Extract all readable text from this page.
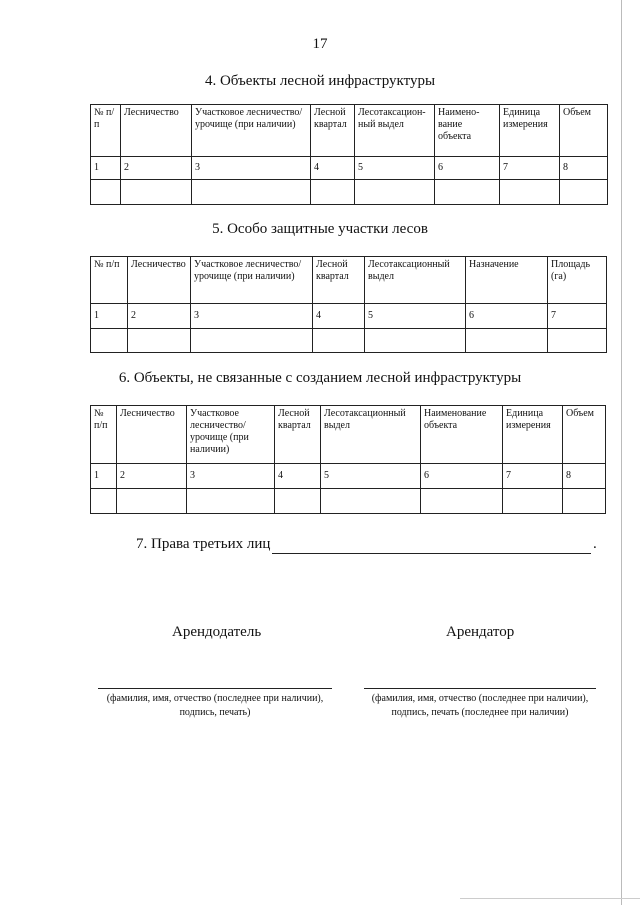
17
4. Объекты лесной инфраструктуры
№ п/п	Лесничество	Участковое лесничество/урочище (при наличии)	Лесной квартал	Лесотаксацион-ный выдел	Наимено-вание объекта	Единица измерения	Объем
1	2	3	4	5	6	7	8

5. Особо защитные участки лесов
№ п/п	Лесничество	Участковое лесничество/урочище (при наличии)	Лесной квартал	Лесотаксационный выдел	Назначение	Площадь (га)
1	2	3	4	5	6	7

6. Объекты, не связанные с созданием лесной инфраструктуры
№ п/п	Лесничество	Участковое лесничество/ урочище (при наличии)	Лесной квартал	Лесотаксационный выдел	Наименование объекта	Единица измерения	Объем
1	2	3	4	5	6	7	8

7. Права третьих лиц	.
Арендодатель	Арендатор
(фамилия, имя, отчество (последнее при наличии),
подпись, печать)
(фамилия, имя, отчество (последнее при наличии),
подпись, печать (последнее при наличии)
